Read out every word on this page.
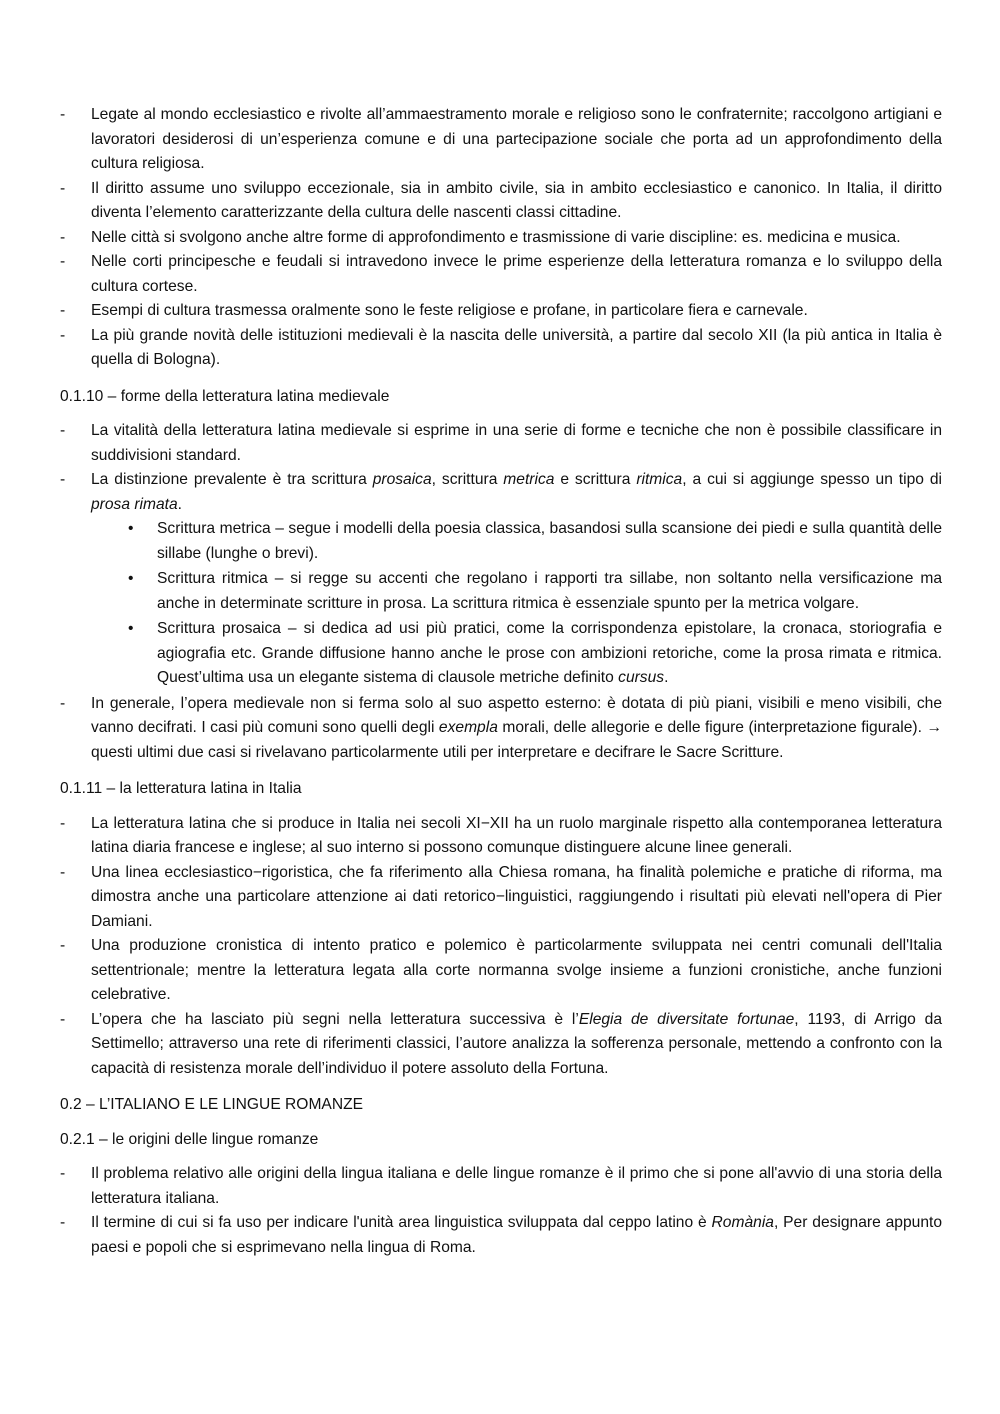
- Legate al mondo ecclesiastico e rivolte all’ammaestramento morale e religioso sono le confraternite; raccolgono artigiani e lavoratori desiderosi di un’esperienza comune e di una partecipazione sociale che porta ad un approfondimento della cultura religiosa.
- Il diritto assume uno sviluppo eccezionale, sia in ambito civile, sia in ambito ecclesiastico e canonico. In Italia, il diritto diventa l’elemento caratterizzante della cultura delle nascenti classi cittadine.
- Nelle città si svolgono anche altre forme di approfondimento e trasmissione di varie discipline: es. medicina e musica.
- Nelle corti principesche e feudali si intravedono invece le prime esperienze della letteratura romanza e lo sviluppo della cultura cortese.
- Esempi di cultura trasmessa oralmente sono le feste religiose e profane, in particolare fiera e carnevale.
- La più grande novità delle istituzioni medievali è la nascita delle università, a partire dal secolo XII (la più antica in Italia è quella di Bologna).
0.1.10 – forme della letteratura latina medievale
- La vitalità della letteratura latina medievale si esprime in una serie di forme e tecniche che non è possibile classificare in suddivisioni standard.
- La distinzione prevalente è tra scrittura prosaica, scrittura metrica e scrittura ritmica, a cui si aggiunge spesso un tipo di prosa rimata.
• Scrittura metrica – segue i modelli della poesia classica, basandosi sulla scansione dei piedi e sulla quantità delle sillabe (lunghe o brevi).
• Scrittura ritmica – si regge su accenti che regolano i rapporti tra sillabe, non soltanto nella versificazione ma anche in determinate scritture in prosa. La scrittura ritmica è essenziale spunto per la metrica volgare.
• Scrittura prosaica – si dedica ad usi più pratici, come la corrispondenza epistolare, la cronaca, storiografia e agiografia etc. Grande diffusione hanno anche le prose con ambizioni retoriche, come la prosa rimata e ritmica. Quest’ultima usa un elegante sistema di clausole metriche definito cursus.
- In generale, l’opera medievale non si ferma solo al suo aspetto esterno: è dotata di più piani, visibili e meno visibili, che vanno decifrati. I casi più comuni sono quelli degli exempla morali, delle allegorie e delle figure (interpretazione figurale). → questi ultimi due casi si rivelavano particolarmente utili per interpretare e decifrare le Sacre Scritture.
0.1.11 – la letteratura latina in Italia
- La letteratura latina che si produce in Italia nei secoli XI−XII ha un ruolo marginale rispetto alla contemporanea letteratura latina diaria francese e inglese; al suo interno si possono comunque distinguere alcune linee generali.
- Una linea ecclesiastico−rigoristica, che fa riferimento alla Chiesa romana, ha finalità polemiche e pratiche di riforma, ma dimostra anche una particolare attenzione ai dati retorico−linguistici, raggiungendo i risultati più elevati nell'opera di Pier Damiani.
- Una produzione cronistica di intento pratico e polemico è particolarmente sviluppata nei centri comunali dell'Italia settentrionale; mentre la letteratura legata alla corte normanna svolge insieme a funzioni cronistiche, anche funzioni celebrative.
- L’opera che ha lasciato più segni nella letteratura successiva è l’Elegia de diversitate fortunae, 1193, di Arrigo da Settimello; attraverso una rete di riferimenti classici, l’autore analizza la sofferenza personale, mettendo a confronto con la capacità di resistenza morale dell’individuo il potere assoluto della Fortuna.
0.2 – L’ITALIANO E LE LINGUE ROMANZE
0.2.1 – le origini delle lingue romanze
- Il problema relativo alle origini della lingua italiana e delle lingue romanze è il primo che si pone all'avvio di una storia della letteratura italiana.
- Il termine di cui si fa uso per indicare l'unità area linguistica sviluppata dal ceppo latino è Romània, Per designare appunto paesi e popoli che si esprimevano nella lingua di Roma.
